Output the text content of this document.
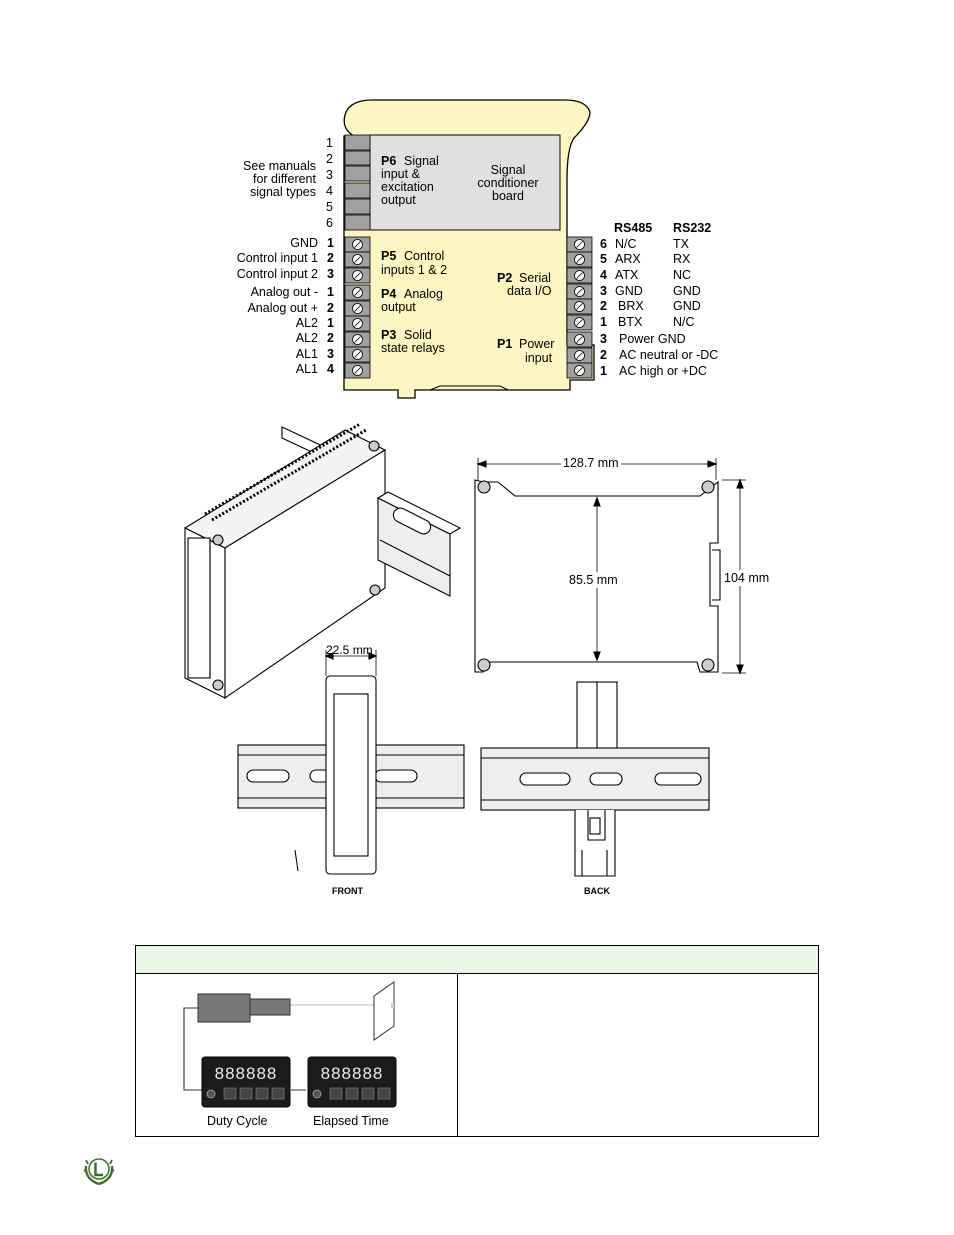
1
2
3
4
5
6
See manuals
for different
signal types
P6 Signal
input &
excitation
output
Signal
conditioner
board
GND 1
Control input 1 2
Control input 2 3
Analog out - 1
Analog out + 2
AL2 1
AL2 2
AL1 3
AL1 4
P5 Control
inputs 1 & 2
P4 Analog
output
P3 Solid
state relays
P2 Serial
data I/O
P1 Power
input
RS485 RS232
6 N/C	TX
5 ARX	RX
4 ATX	NC
3 GND GND
2 BRX GND
1 BTX N/C
3 Power GND
2 AC neutral or -DC
1 AC high or +DC
128.7 mm
85.5 mm	104 mm
22.5 mm
FRONT	BACK
888888	888888
Duty Cycle	Elapsed Time
